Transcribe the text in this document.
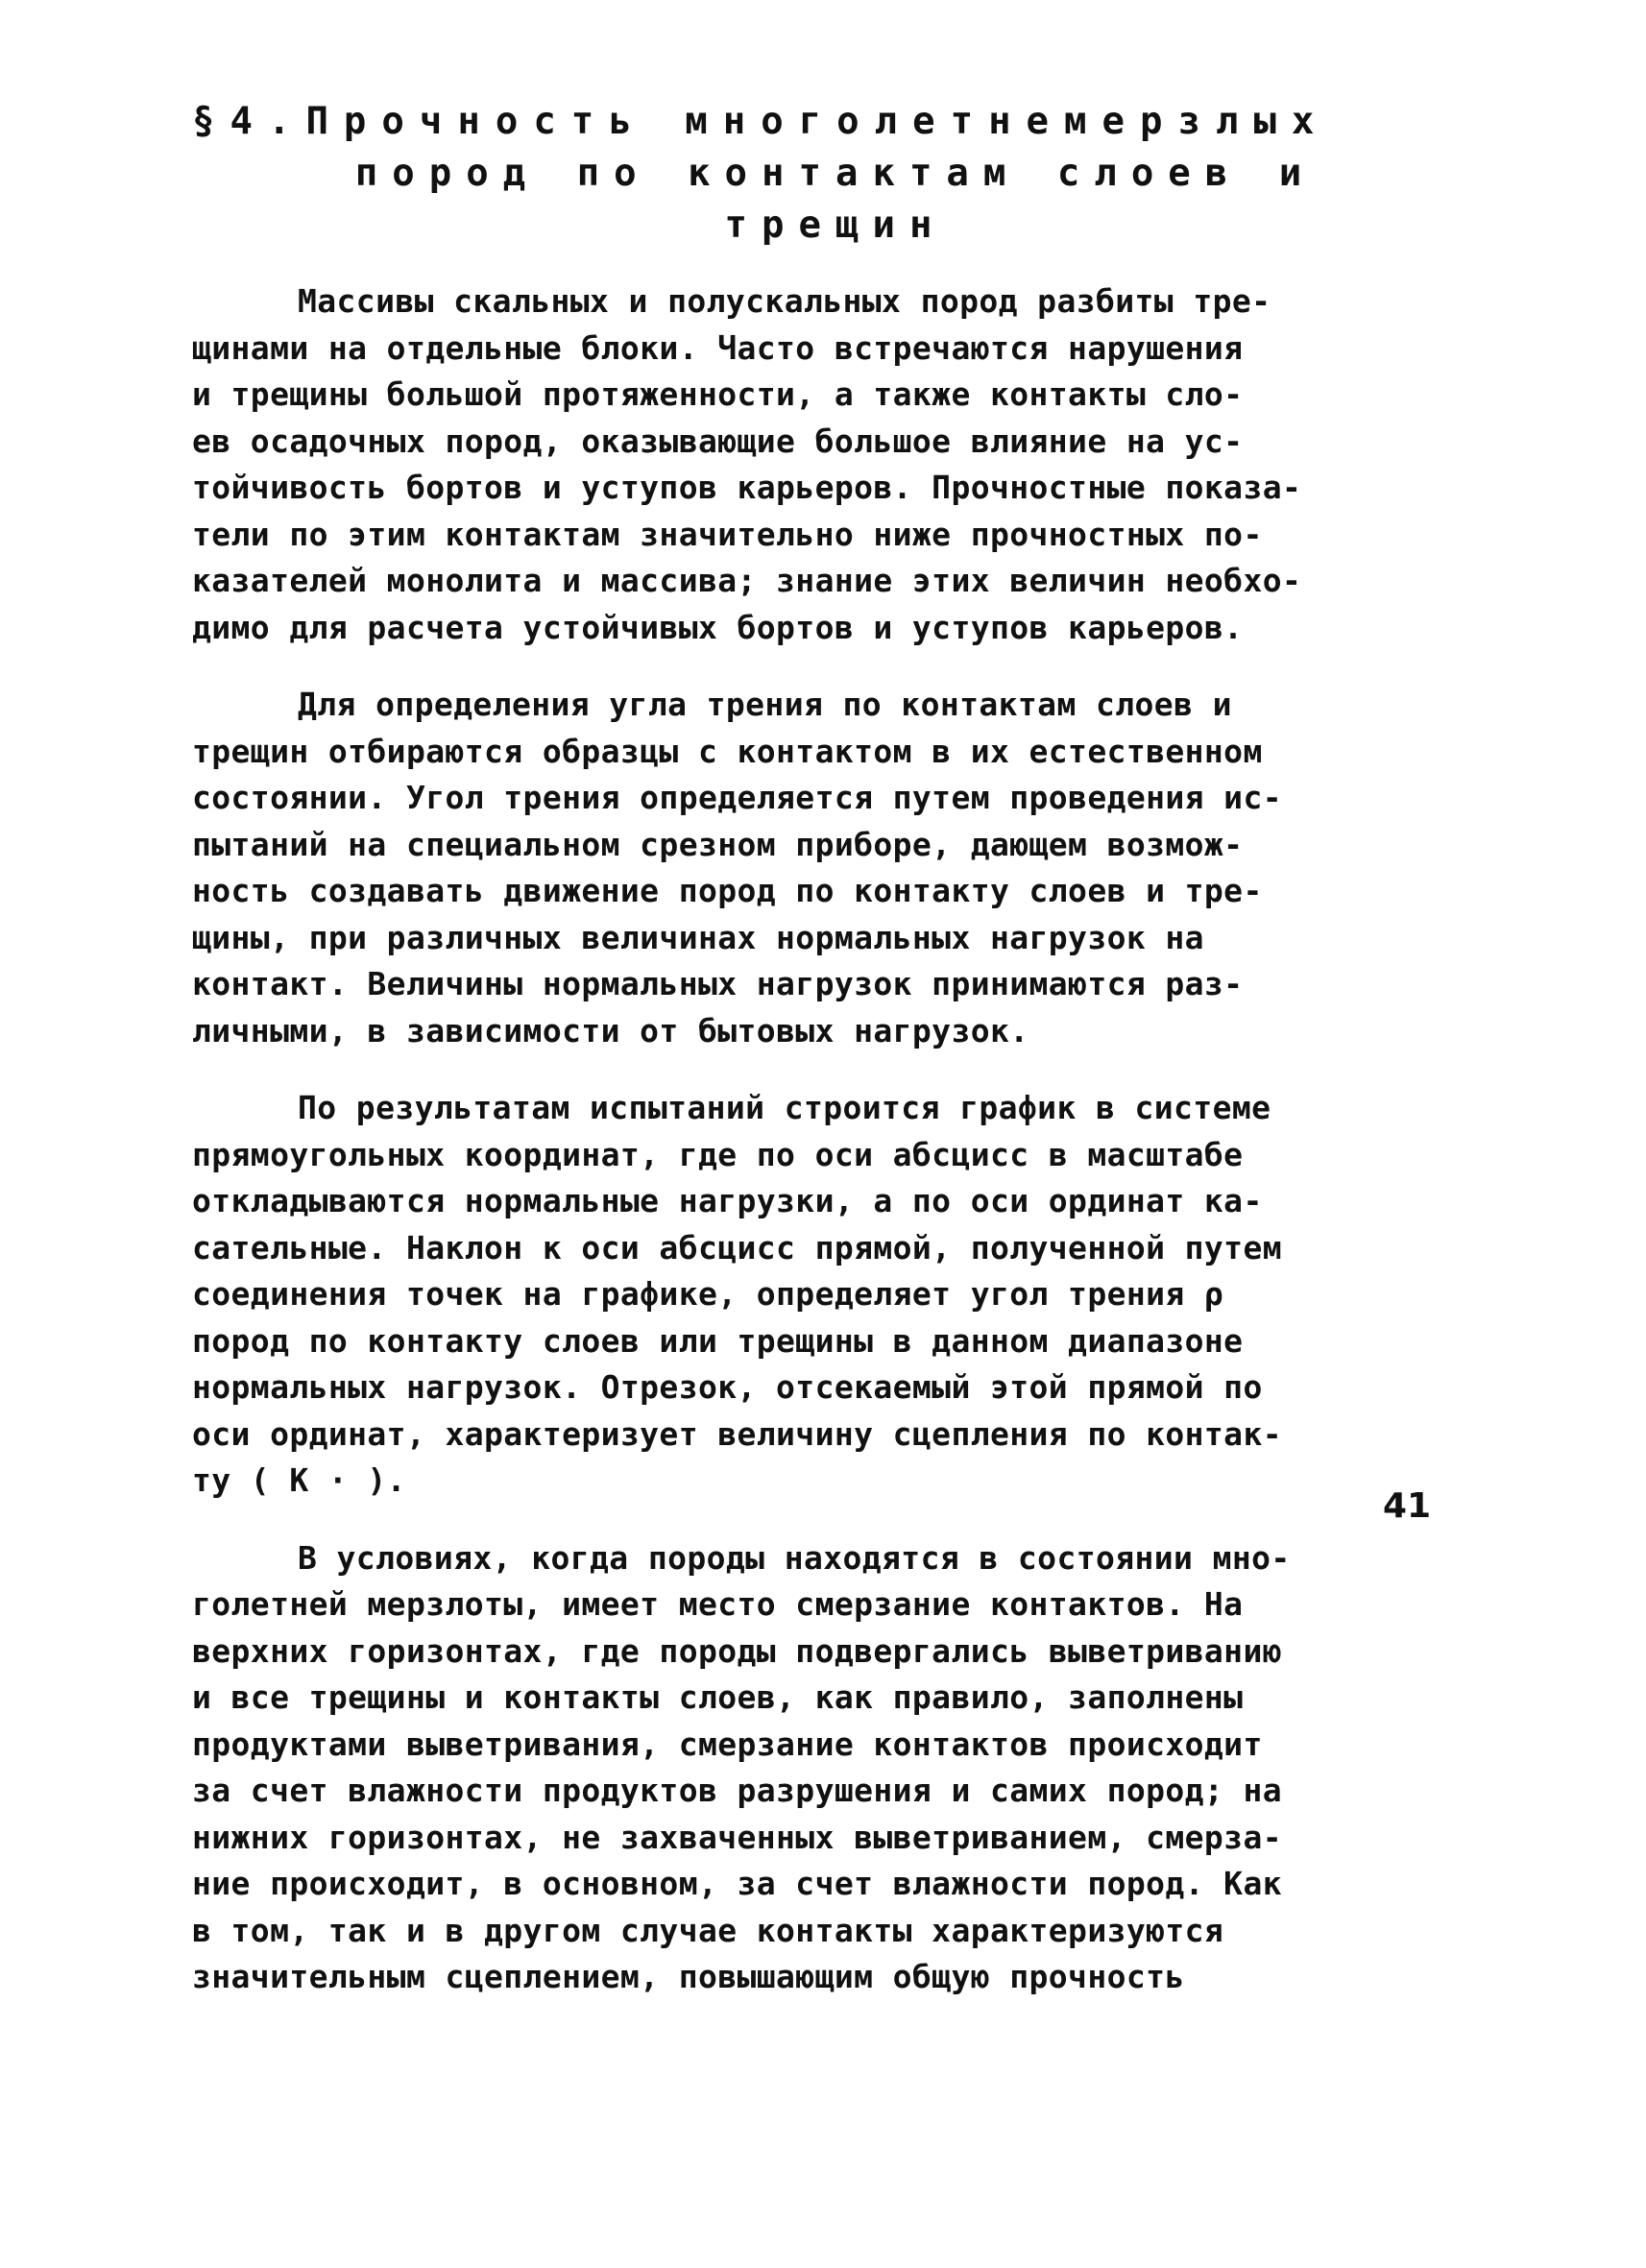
§4.Прочность многолетнемерзлых
пород по контактам слоев и
трещин

Массивы скальных и полускальных пород разбиты тре-
щинами на отдельные блоки. Часто встречаются нарушения
и трещины большой протяженности, а также контакты сло-
ев осадочных пород, оказывающие большое влияние на ус-
тойчивость бортов и уступов карьеров. Прочностные показа-
тели по этим контактам значительно ниже прочностных по-
казателей монолита и массива; знание этих величин необхо-
димо для расчета устойчивых бортов и уступов карьеров.

Для определения угла трения по контактам слоев и
трещин отбираются образцы с контактом в их естественном
состоянии. Угол трения определяется путем проведения ис-
пытаний на специальном срезном приборе, дающем возмож-
ность создавать движение пород по контакту слоев и тре-
щины, при различных величинах нормальных нагрузок на
контакт. Величины нормальных нагрузок принимаются раз-
личными, в зависимости от бытовых нагрузок.

По результатам испытаний строится график в системе
прямоугольных координат, где по оси абсцисс в масштабе
откладываются нормальные нагрузки, а по оси ординат ка-
сательные. Наклон к оси абсцисс прямой, полученной путем
соединения точек на графике, определяет угол трения ρ
пород по контакту слоев или трещины в данном диапазоне
нормальных нагрузок. Отрезок, отсекаемый этой прямой по
оси ординат, характеризует величину сцепления по контак-
ту ( K · ).

В условиях, когда породы находятся в состоянии мно-
голетней мерзлоты, имеет место смерзание контактов. На
верхних горизонтах, где породы подвергались выветриванию
и все трещины и контакты слоев, как правило, заполнены
продуктами выветривания, смерзание контактов происходит
за счет влажности продуктов разрушения и самих пород; на
нижних горизонтах, не захваченных выветриванием, смерза-
ние происходит, в основном, за счет влажности пород. Как
в том, так и в другом случае контакты характеризуются
значительным сцеплением, повышающим общую прочность

41
